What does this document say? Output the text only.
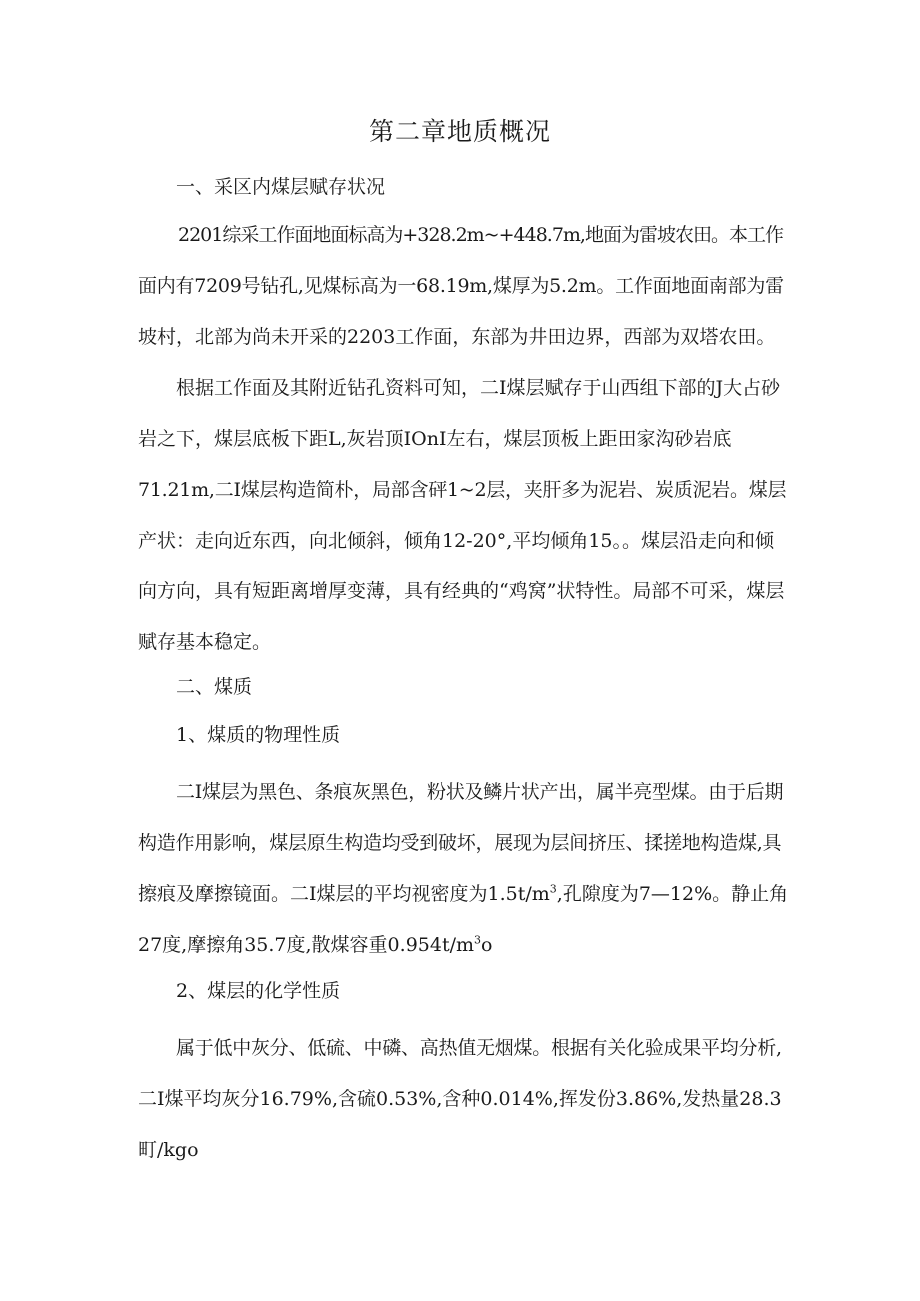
第二章地质概况
一、采区内煤层赋存状况
2201综采工作面地面标高为+328.2m~+448.7m,地面为雷坡农田。本工作
面内有7209号钻孔,见煤标高为一68.19m,煤厚为5.2m。工作面地面南部为雷
坡村，北部为尚未开采的2203工作面，东部为井田边界，西部为双塔农田。
根据工作面及其附近钻孔资料可知，二I煤层赋存于山西组下部的J大占砂
岩之下，煤层底板下距L,灰岩顶IOnI左右，煤层顶板上距田家沟砂岩底
71.21m,二I煤层构造简朴，局部含砰1~2层，夹肝多为泥岩、炭质泥岩。煤层
产状：走向近东西，向北倾斜，倾角12-20°,平均倾角15。。煤层沿走向和倾
向方向，具有短距离增厚变薄，具有经典的“鸡窝”状特性。局部不可采，煤层
赋存基本稳定。
二、煤质
1、煤质的物理性质
二I煤层为黑色、条痕灰黑色，粉状及鳞片状产出，属半亮型煤。由于后期
构造作用影响，煤层原生构造均受到破坏，展现为层间挤压、揉搓地构造煤,具
擦痕及摩擦镜面。二I煤层的平均视密度为$1.5t/m^3$,孔隙度为7—12%。静止角
27度,摩擦角35.7度,散煤容重$0.954t/m^3o$
2、煤层的化学性质
属于低中灰分、低硫、中磷、高热值无烟煤。根据有关化验成果平均分析,
二I煤平均灰分16.79%,含硫0.53%,含种0.014%,挥发份3.86%,发热量28.3
町/kgo
